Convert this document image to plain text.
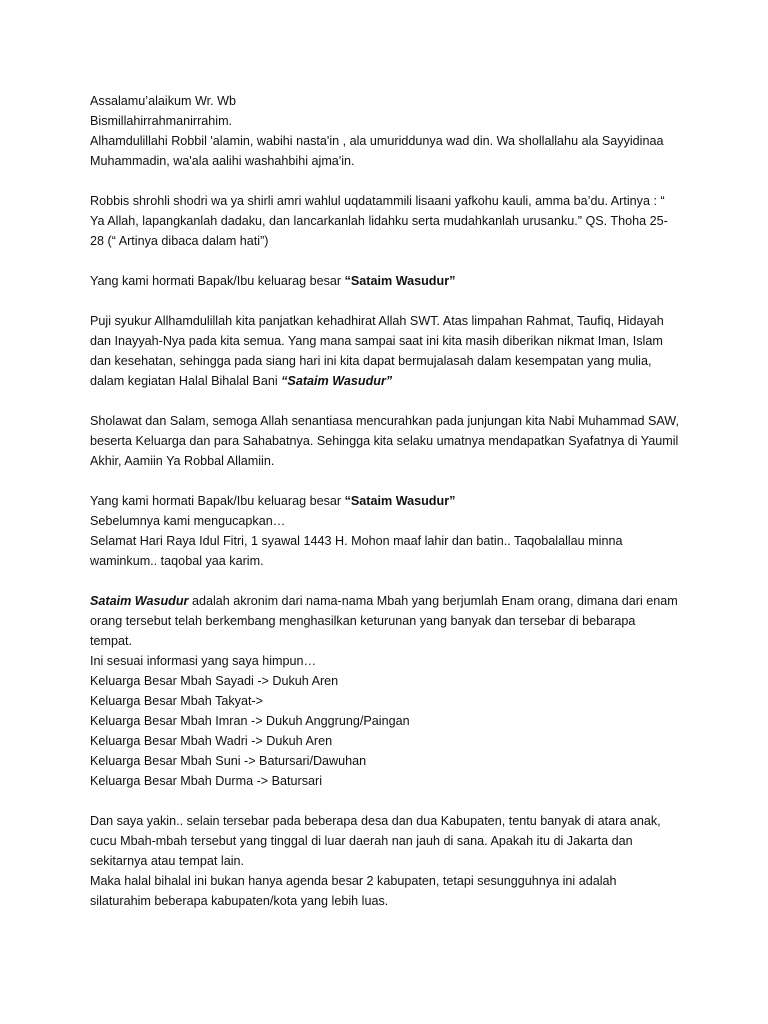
Assalamu’alaikum Wr. Wb
Bismillahirrahmanirrahim.
Alhamdulillahi Robbil 'alamin, wabihi nasta'in , ala umuriddunya wad din. Wa shollallahu ala Sayyidinaa
Muhammadin, wa'ala aalihi washahbihi ajma'in.
Robbis shrohli shodri wa ya shirli amri wahlul uqdatammili lisaani yafkohu kauli, amma ba’du. Artinya : “
Ya Allah, lapangkanlah dadaku, dan lancarkanlah lidahku serta mudahkanlah urusanku.” QS. Thoha 25-
28 (“ Artinya dibaca dalam hati”)
Yang kami hormati Bapak/Ibu keluarag besar “Sataim Wasudur”
Puji syukur Allhamdulillah kita panjatkan kehadhirat Allah SWT. Atas limpahan Rahmat, Taufiq, Hidayah
dan Inayyah-Nya pada kita semua. Yang mana sampai saat ini kita masih diberikan nikmat Iman, Islam
dan kesehatan, sehingga pada siang hari ini kita dapat bermujalasah dalam kesempatan yang mulia,
dalam kegiatan Halal Bihalal Bani “Sataim Wasudur”
Sholawat dan Salam, semoga Allah senantiasa mencurahkan pada junjungan kita Nabi Muhammad SAW,
beserta Keluarga dan para Sahabatnya. Sehingga kita selaku umatnya mendapatkan Syafatnya di Yaumil
Akhir, Aamiin Ya Robbal Allamiin.
Yang kami hormati Bapak/Ibu keluarag besar “Sataim Wasudur”
Sebelumnya kami mengucapkan…
Selamat Hari Raya Idul Fitri, 1 syawal 1443 H. Mohon maaf lahir dan batin.. Taqobalallau minna
waminkum.. taqobal yaa karim.
Sataim Wasudur adalah akronim dari nama-nama Mbah yang berjumlah Enam orang, dimana dari enam
orang tersebut telah berkembang menghasilkan keturunan yang banyak dan tersebar di bebarapa
tempat.
Ini sesuai informasi yang saya himpun…
Keluarga Besar Mbah Sayadi -> Dukuh Aren
Keluarga Besar Mbah Takyat->
Keluarga Besar Mbah Imran -> Dukuh Anggrung/Paingan
Keluarga Besar Mbah Wadri -> Dukuh Aren
Keluarga Besar Mbah Suni -> Batursari/Dawuhan
Keluarga Besar Mbah Durma -> Batursari
Dan saya yakin.. selain tersebar pada beberapa desa dan dua Kabupaten, tentu banyak di atara anak,
cucu Mbah-mbah tersebut yang tinggal di luar daerah nan jauh di sana. Apakah itu di Jakarta dan
sekitarnya atau tempat lain.
Maka halal bihalal ini bukan hanya agenda besar 2 kabupaten, tetapi sesungguhnya ini adalah
silaturahim beberapa kabupaten/kota yang lebih luas.
